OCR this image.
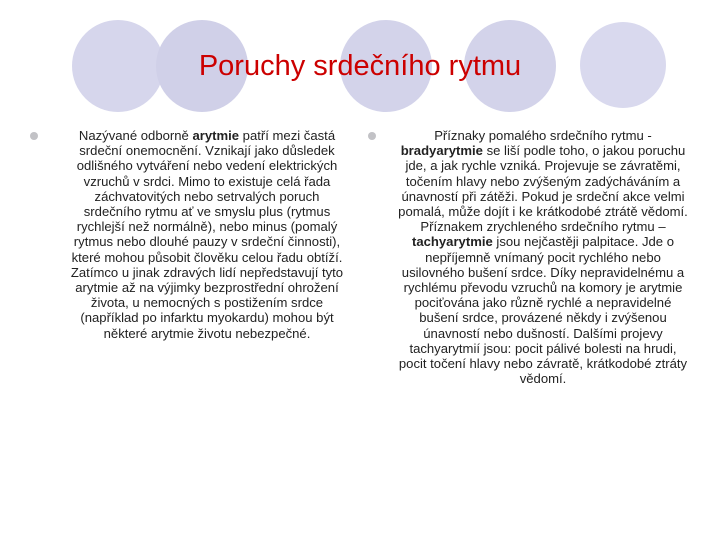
Poruchy srdečního rytmu

Nazývané odborně arytmie patří mezi častá srdeční onemocnění. Vznikají jako důsledek odlišného vytváření nebo vedení elektrických vzruchů v srdci. Mimo to existuje celá řada záchvatovitých nebo setrvalých poruch srdečního rytmu ať ve smyslu plus (rytmus rychlejší než normálně), nebo minus (pomalý rytmus nebo dlouhé pauzy v srdeční činnosti), které mohou působit člověku celou řadu obtíží. Zatímco u jinak zdravých lidí nepředstavují tyto arytmie až na výjimky bezprostřední ohrožení života, u nemocných s postižením srdce (například po infarktu myokardu) mohou být některé arytmie životu nebezpečné.

Příznaky pomalého srdečního rytmu - bradyarytmie se liší podle toho, o jakou poruchu jde, a jak rychle vzniká. Projevuje se závratěmi, točením hlavy nebo zvýšeným zadýcháváním a únavností při zátěži. Pokud je srdeční akce velmi pomalá, může dojít i ke krátkodobé ztrátě vědomí. Příznakem zrychleného srdečního rytmu – tachyarytmie jsou nejčastěji palpitace. Jde o nepříjemně vnímaný pocit rychlého nebo usilovného bušení srdce. Díky nepravidelnému a rychlému převodu vzruchů na komory je arytmie pociťována jako různě rychlé a nepravidelné bušení srdce, provázené někdy i zvýšenou únavností nebo dušností. Dalšími projevy tachyarytmií jsou: pocit pálivé bolesti na hrudi, pocit točení hlavy nebo závratě, krátkodobé ztráty vědomí.
